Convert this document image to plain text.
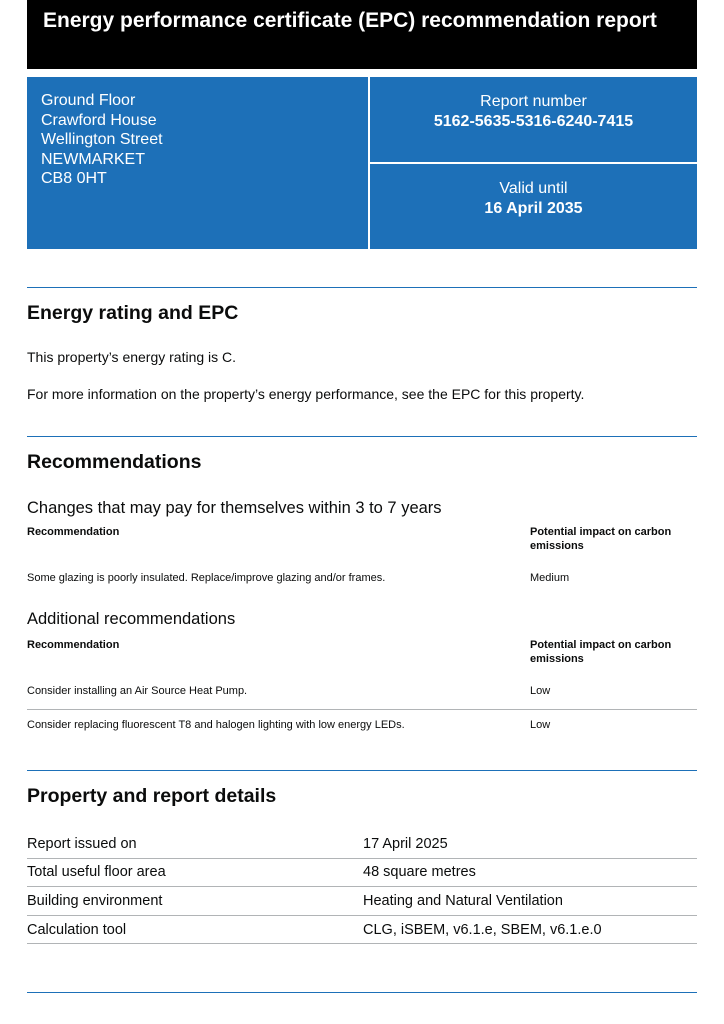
Energy performance certificate (EPC) recommendation report
Ground Floor
Crawford House
Wellington Street
NEWMARKET
CB8 0HT
Report number
5162-5635-5316-6240-7415
Valid until
16 April 2035
Energy rating and EPC
This property’s energy rating is C.
For more information on the property’s energy performance, see the EPC for this property.
Recommendations
Changes that may pay for themselves within 3 to 7 years
Recommendation	Potential impact on carbon emissions
Some glazing is poorly insulated. Replace/improve glazing and/or frames.	Medium
Additional recommendations
Recommendation	Potential impact on carbon emissions
Consider installing an Air Source Heat Pump.	Low
Consider replacing fluorescent T8 and halogen lighting with low energy LEDs.	Low
Property and report details
Report issued on	17 April 2025
Total useful floor area	48 square metres
Building environment	Heating and Natural Ventilation
Calculation tool	CLG, iSBEM, v6.1.e, SBEM, v6.1.e.0
